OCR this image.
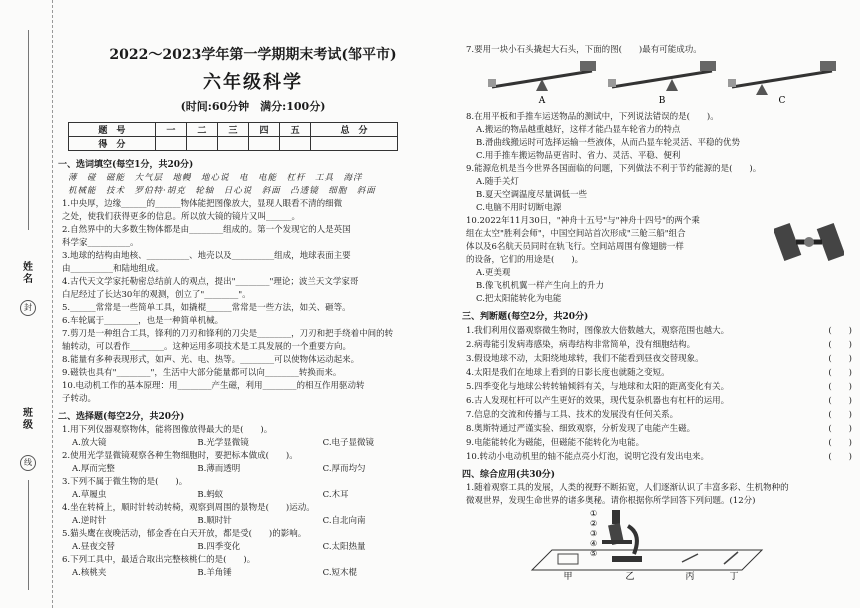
姓　名
封
班　级
线
2022～2023学年第一学期期末考试(邹平市)
六年级科学
(时间:60分钟　满分:100分)
题　号	一	二	三	四	五	总　分
得　分						
一、选词填空(每空1分，共20分)
薄　碰　磁能　大气层　地幔　地心说　电　电能　杠杆　工具　海洋
机械能　技术　罗伯特·胡克　轮轴　日心说　斜面　凸透镜　细胞　斜面
1.中央厚，边缘______的______物体能把图像放大，显现人眼看不清的细微
之处，使我们获得更多的信息。所以放大镜的镜片又叫______。
2.自然界中的大多数生物体都是由________组成的。第一个发现它的人是英国
科学家__________。
3.地球的结构由地核、__________、地壳以及__________组成，地球表面主要
由__________和陆地组成。
4.古代天文学家托勒密总结前人的观点，提出"________"理论；波兰天文学家哥
白尼经过了长达30年的观测，创立了"________"。
5.______常常是一些简单工具，如撬棍______常常是一些方法，如关、砸等。
6.车轮属于________，也是一种简单机械。
7.剪刀是一种组合工具，锋利的刀刃和锋利的刀尖是________，刀刃和把手绕着中间的转
轴转动，可以看作________。这种运用多项技术是工具发展的一个重要方向。
8.能量有多种表现形式，如声、光、电、热等。________可以使物体运动起来。
9.磁铁也具有"________"，生活中大部分能量都可以向________转换而来。
10.电动机工作的基本原理：用________产生磁，利用________的相互作用驱动转
子转动。
二、选择题(每空2分，共20分)
1.用下列仪器观察物体，能将图像放得最大的是(　　)。
A.放大镜	B.光学显微镜	C.电子显微镜
2.使用光学显微镜观察各种生物细胞时，要把标本做成(　　)。
A.厚而完整	B.薄而透明	C.厚而均匀
3.下列不属于微生物的是(　　)。
A.草履虫	B.蚂蚁	C.木耳
4.坐在转椅上，顺时针转动转椅，观察到周围的景物是(　　)运动。
A.逆时针	B.顺时针	C.自北向南
5.猫头鹰在夜晚活动，郁金香在白天开放，都是受(　　)的影响。
A.昼夜交替	B.四季变化	C.太阳热量
6.下列工具中，最适合取出完整核桃仁的是(　　)。
A.核桃夹	B.羊角锤	C.短木棍
7.要用一块小石头撬起大石头，下面的图(　　)最有可能成功。
A	B	C
8.在用平板和手推车运送物品的测试中，下列说法错误的是(　　)。
A.搬运的物品越重越好，这样才能凸显车轮省力的特点
B.滑曲线搬运时可选择运输一些液体，从而凸显车轮灵活、平稳的优势
C.用手推车搬运物品更省时、省力、灵活、平稳、便利
9.能源危机是当今世界各国面临的问题，下列做法不利于节约能源的是(　　)。
A.随手关灯
B.夏天空调温度尽量调低一些
C.电脑不用时切断电源
10.2022年11月30日，"神舟十五号"与"神舟十四号"的两个乘
组在太空"胜利会师"，中国空间站首次形成"三舱三船"组合
体以及6名航天员同时在轨飞行。空间站周围有像翅膀一样
的设备，它们的用途是(　　)。
A.更美观
B.像飞机机翼一样产生向上的升力
C.把太阳能转化为电能
三、判断题(每空2分，共20分)
1.我们利用仪器观察微生物时，图像放大倍数越大，观察范围也越大。	(　　)
2.病毒能引发病毒感染，病毒结构非常简单，没有细胞结构。	(　　)
3.假设地球不动，太阳绕地球转，我们不能看到昼夜交替现象。	(　　)
4.太阳是我们在地球上看到的日影长度也就随之变短。	(　　)
5.四季变化与地球公转转轴倾斜有关，与地球和太阳的距离变化有关。	(　　)
6.古人发现杠杆可以产生更好的效果，现代复杂机器也有杠杆的运用。	(　　)
7.信息的交流和传播与工具、技术的发展没有任何关系。	(　　)
8.奥斯特通过严谨实验、细致观察，分析发现了电能产生磁。	(　　)
9.电能能转化为磁能，但磁能不能转化为电能。	(　　)
10.转动小电动机里的轴不能点亮小灯泡，说明它没有发出电来。	(　　)
四、综合应用(共30分)
1.随着观察工具的发展，人类的视野不断拓宽，人们逐渐认识了丰富多彩、生机物种的
微观世界，发现生命世界的诸多奥秘。请你根据你所学回答下列问题。(12分)
①
②
③
④
⑤
甲	乙	丙	丁
